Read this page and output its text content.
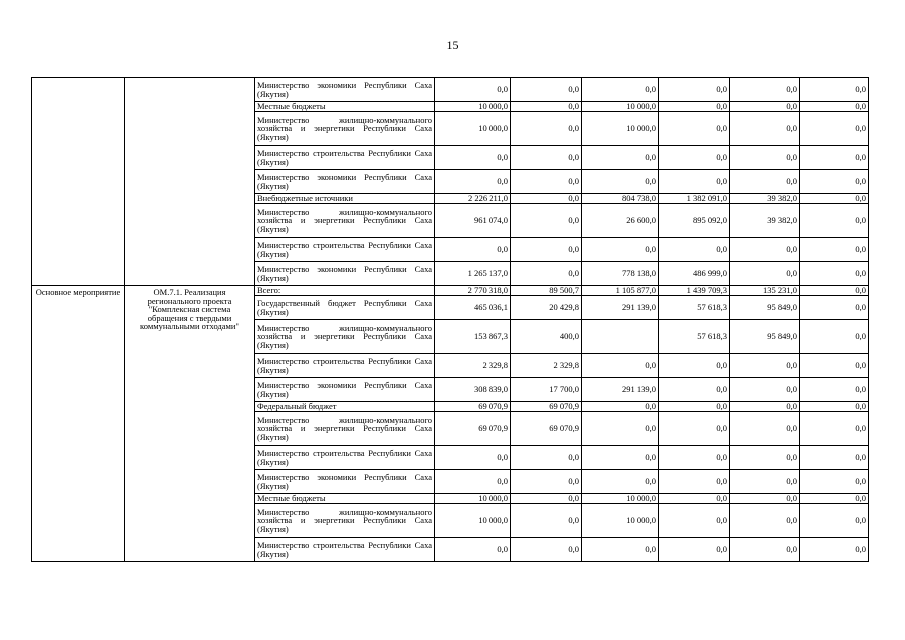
15
		Министерство экономики Республики Саха (Якутия)	0,0	0,0	0,0	0,0	0,0	0,0
		Местные бюджеты	10 000,0	0,0	10 000,0	0,0	0,0	0,0
		Министерство жилищно-коммунального хозяйства и энергетики Республики Саха (Якутия)	10 000,0	0,0	10 000,0	0,0	0,0	0,0
		Министерство строительства Республики Саха (Якутия)	0,0	0,0	0,0	0,0	0,0	0,0
		Министерство экономики Республики Саха (Якутия)	0,0	0,0	0,0	0,0	0,0	0,0
		Внебюджетные источники	2 226 211,0	0,0	804 738,0	1 382 091,0	39 382,0	0,0
		Министерство жилищно-коммунального хозяйства и энергетики Республики Саха (Якутия)	961 074,0	0,0	26 600,0	895 092,0	39 382,0	0,0
		Министерство строительства Республики Саха (Якутия)	0,0	0,0	0,0	0,0	0,0	0,0
		Министерство экономики Республики Саха (Якутия)	1 265 137,0	0,0	778 138,0	486 999,0	0,0	0,0
Основное мероприятие	ОМ.7.1. Реализация регионального проекта "Комплексная система обращения с твердыми коммунальными отходами"	Всего:	2 770 318,0	89 500,7	1 105 877,0	1 439 709,3	135 231,0	0,0
		Государственный бюджет Республики Саха (Якутия)	465 036,1	20 429,8	291 139,0	57 618,3	95 849,0	0,0
		Министерство жилищно-коммунального хозяйства и энергетики Республики Саха (Якутия)	153 867,3	400,0		57 618,3	95 849,0	0,0
		Министерство строительства Республики Саха (Якутия)	2 329,8	2 329,8	0,0	0,0	0,0	0,0
		Министерство экономики Республики Саха (Якутия)	308 839,0	17 700,0	291 139,0	0,0	0,0	0,0
		Федеральный бюджет	69 070,9	69 070,9	0,0	0,0	0,0	0,0
		Министерство жилищно-коммунального хозяйства и энергетики Республики Саха (Якутия)	69 070,9	69 070,9	0,0	0,0	0,0	0,0
		Министерство строительства Республики Саха (Якутия)	0,0	0,0	0,0	0,0	0,0	0,0
		Министерство экономики Республики Саха (Якутия)	0,0	0,0	0,0	0,0	0,0	0,0
		Местные бюджеты	10 000,0	0,0	10 000,0	0,0	0,0	0,0
		Министерство жилищно-коммунального хозяйства и энергетики Республики Саха (Якутия)	10 000,0	0,0	10 000,0	0,0	0,0	0,0
		Министерство строительства Республики Саха (Якутия)	0,0	0,0	0,0	0,0	0,0	0,0
